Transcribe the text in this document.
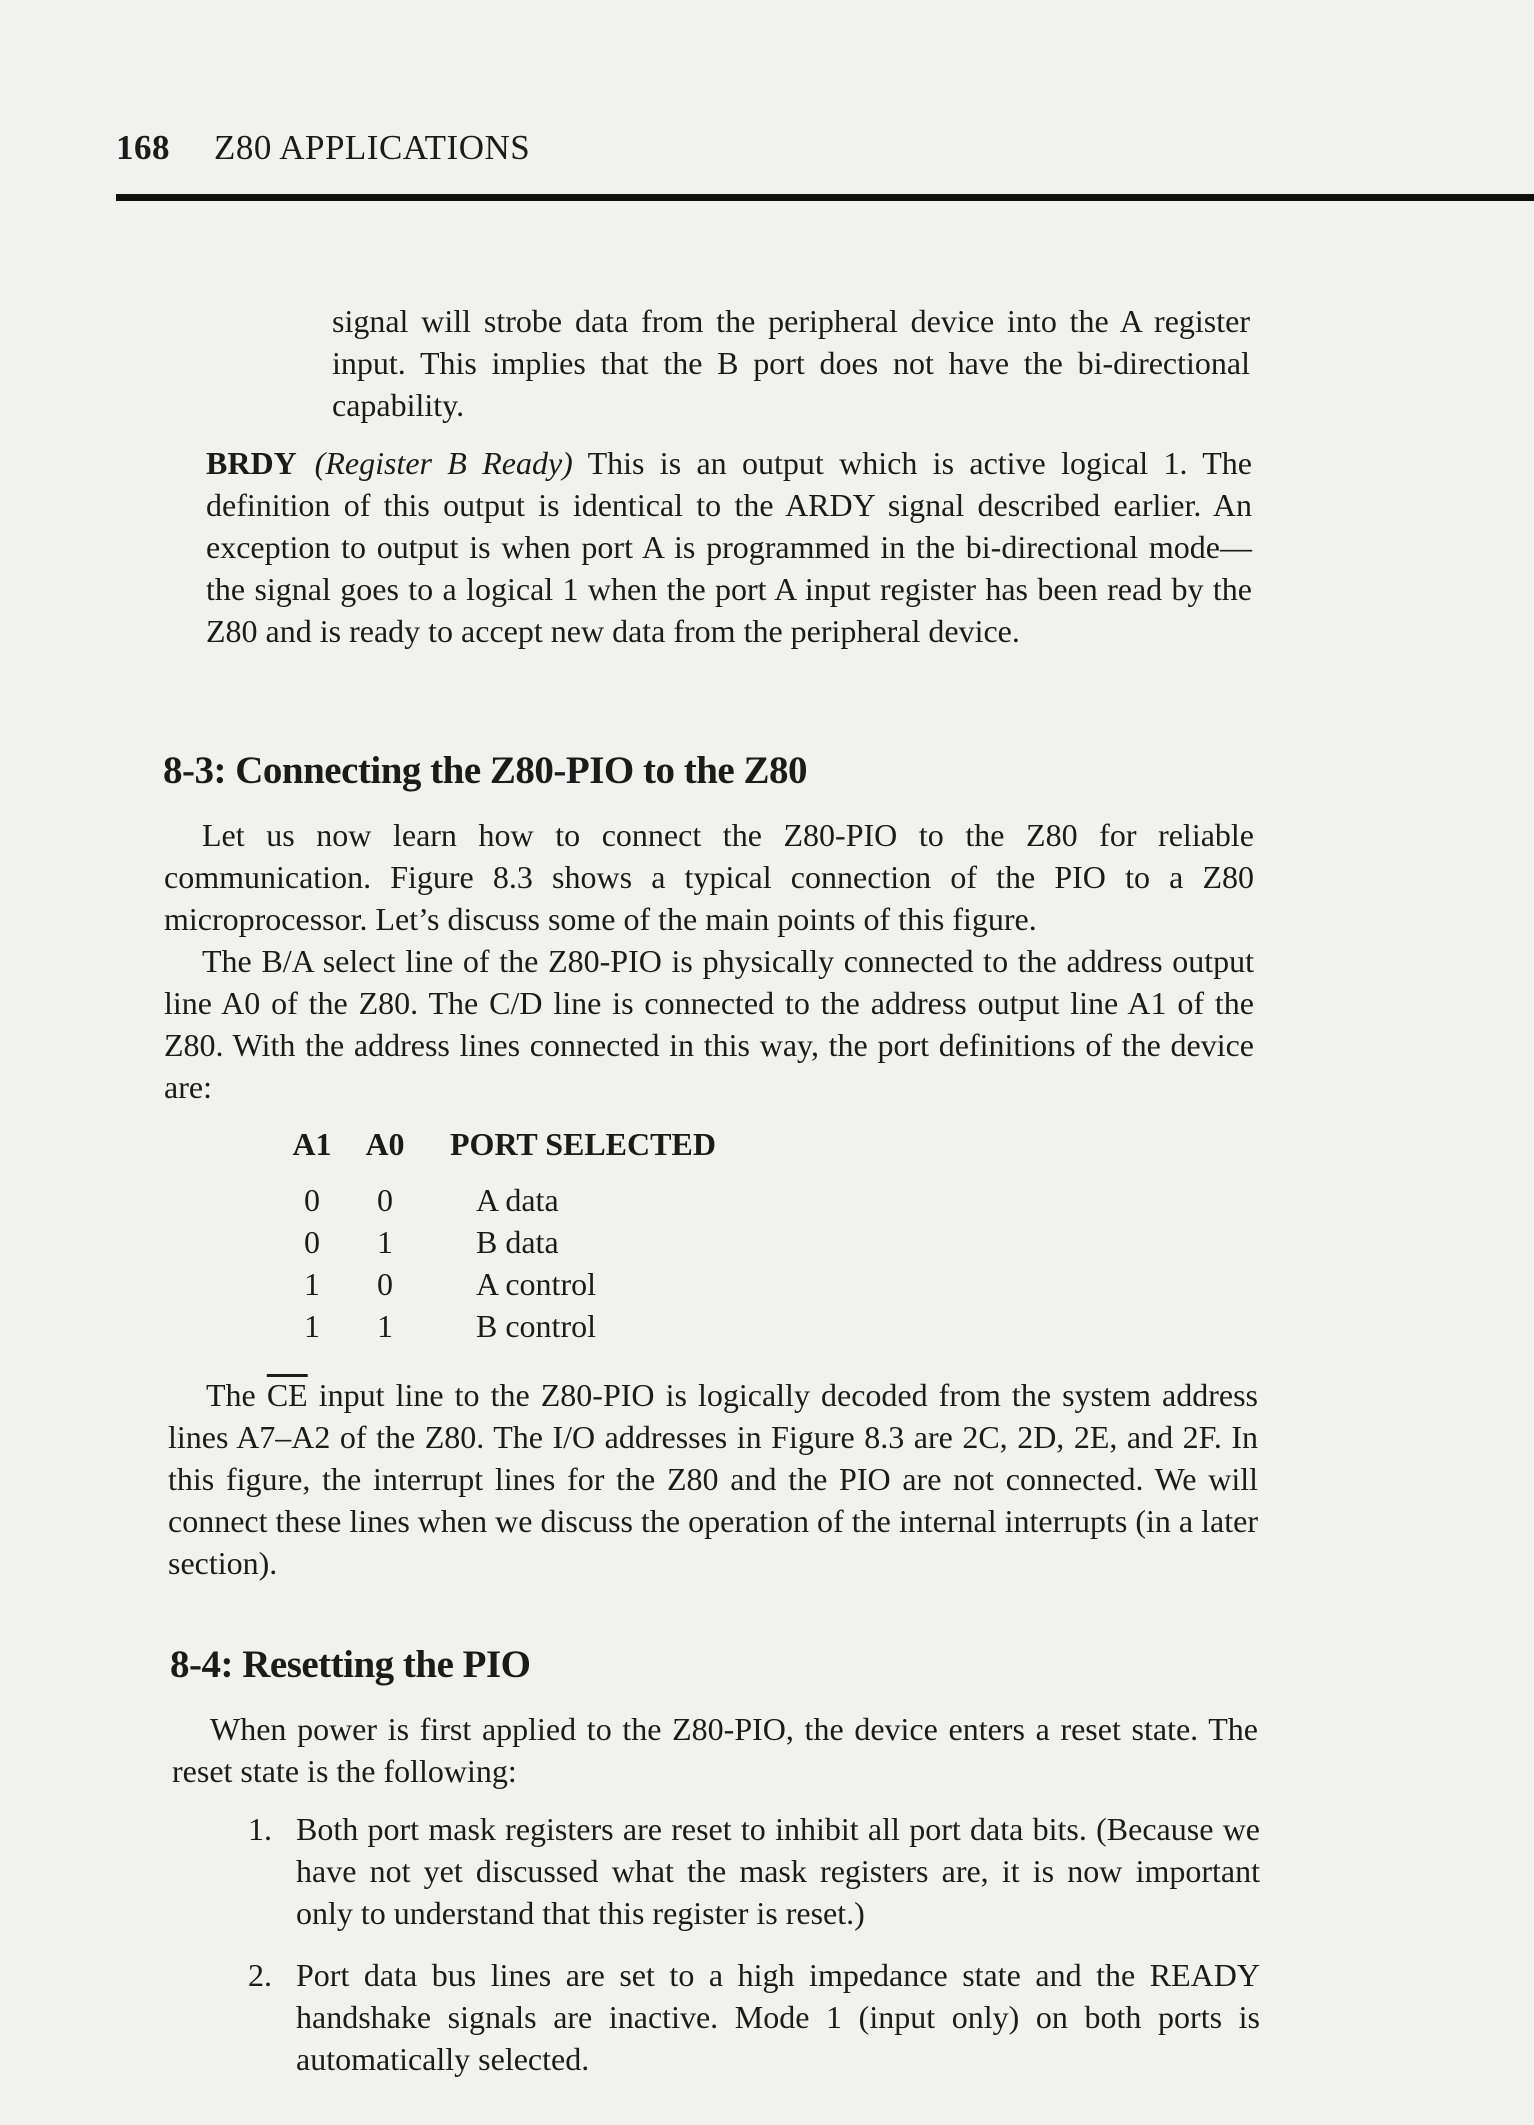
168 Z80 APPLICATIONS

signal will strobe data from the peripheral device into the A register input. This implies that the B port does not have the bi-directional capability.

BRDY (Register B Ready) This is an output which is active logical 1. The definition of this output is identical to the ARDY signal described earlier. An exception to output is when port A is programmed in the bi-directional mode—the signal goes to a logical 1 when the port A input register has been read by the Z80 and is ready to accept new data from the peripheral device.

8-3: Connecting the Z80-PIO to the Z80

Let us now learn how to connect the Z80-PIO to the Z80 for reliable communication. Figure 8.3 shows a typical connection of the PIO to a Z80 microprocessor. Let’s discuss some of the main points of this figure.

The B/A select line of the Z80-PIO is physically connected to the address output line A0 of the Z80. The C/D line is connected to the address output line A1 of the Z80. With the address lines connected in this way, the port definitions of the device are:

A1	A0	PORT SELECTED
0	0	A data
0	1	B data
1	0	A control
1	1	B control

The $\overline{CE}$ input line to the Z80-PIO is logically decoded from the system address lines A7–A2 of the Z80. The I/O addresses in Figure 8.3 are 2C, 2D, 2E, and 2F. In this figure, the interrupt lines for the Z80 and the PIO are not connected. We will connect these lines when we discuss the operation of the internal interrupts (in a later section).

8-4: Resetting the PIO

When power is first applied to the Z80-PIO, the device enters a reset state. The reset state is the following:

1. Both port mask registers are reset to inhibit all port data bits. (Because we have not yet discussed what the mask registers are, it is now important only to understand that this register is reset.)
2. Port data bus lines are set to a high impedance state and the READY handshake signals are inactive. Mode 1 (input only) on both ports is automatically selected.
